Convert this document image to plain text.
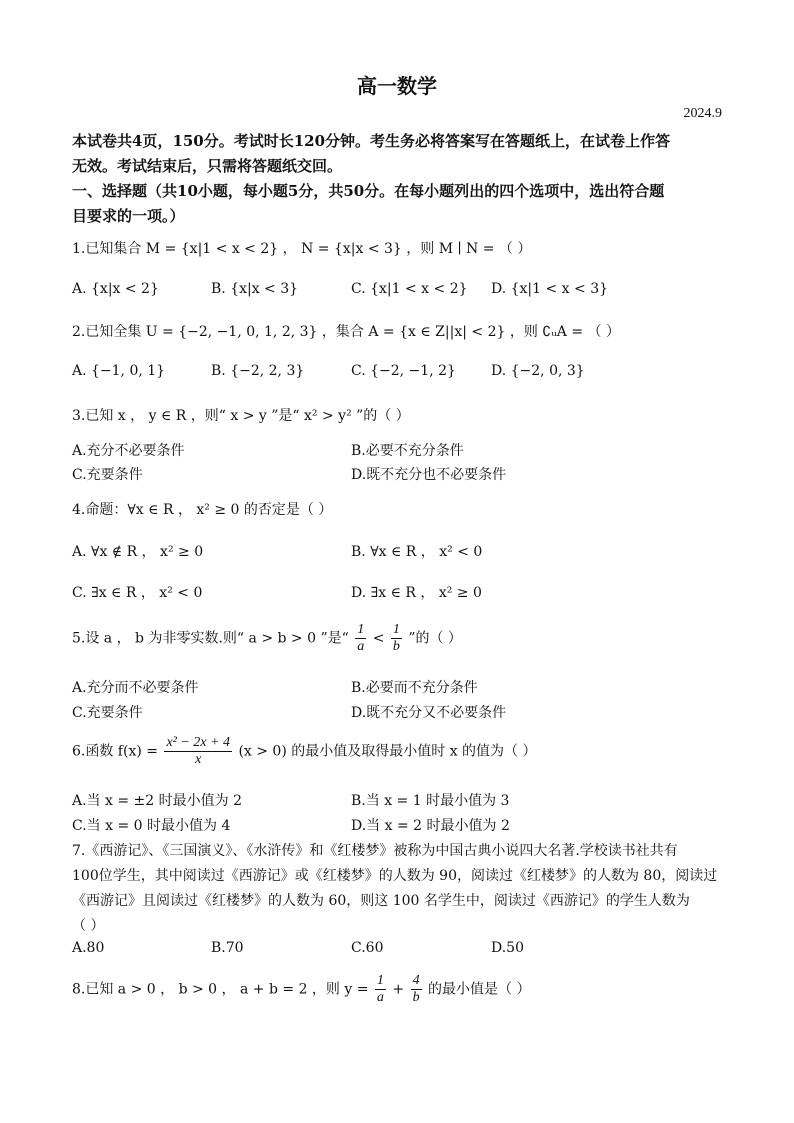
高一数学
2024.9
本试卷共4页，150分。考试时长120分钟。考生务必将答案写在答题纸上，在试卷上作答
无效。考试结束后，只需将答题纸交回。
一、选择题（共10小题，每小题5分，共50分。在每小题列出的四个选项中，选出符合题
目要求的一项。）
1.已知集合 M = {x|1 < x < 2} ， N = {x|x < 3} ，则 M ∣ N = （ ）
A. {x|x < 2}	B. {x|x < 3}	C. {x|1 < x < 2} D. {x|1 < x < 3}
2.已知全集 U = {−2, −1, 0, 1, 2, 3} ，集合 A = {x ∈ Z||x| < 2} ，则 ∁ᵤA = （ ）
A. {−1, 0, 1}	B. {−2, 2, 3}	C. {−2, −1, 2}	D. {−2, 0, 3}
3.已知 x ， y ∈ R ，则“ x > y ”是“ x² > y² ”的（ ）
A.充分不必要条件	B.必要不充分条件
C.充要条件	D.既不充分也不必要条件
4.命题：∀x ∈ R ， x² ≥ 0 的否定是（ ）
A. ∀x ∉ R ， x² ≥ 0	B. ∀x ∈ R ， x² < 0
C. ∃x ∈ R ， x² < 0	D. ∃x ∈ R ， x² ≥ 0
5.设 a ， b 为非零实数.则“ a > b > 0 ”是“ $\frac{1}{a} < \frac{1}{b}$ ”的（ ）
A.充分而不必要条件	B.必要而不充分条件
C.充要条件	D.既不充分又不必要条件
6.函数 $f(x) = \frac{\text{x² − 2x + 4}}{x} (x > 0)$ 的最小值及取得最小值时 x 的值为（ ）
A.当 x = ±2 时最小值为 2	B.当 x = 1 时最小值为 3
C.当 x = 0 时最小值为 4	D.当 x = 2 时最小值为 2
7.《西游记》、《三国演义》、《水浒传》和《红楼梦》被称为中国古典小说四大名著.学校读书社共有
100位学生，其中阅读过《西游记》或《红楼梦》的人数为 90，阅读过《红楼梦》的人数为 80，阅读过
《西游记》且阅读过《红楼梦》的人数为 60，则这 100 名学生中，阅读过《西游记》的学生人数为
（ ）
A.80	B.70	C.60	D.50
8.已知 a > 0 ， b > 0 ， a + b = 2 ，则 $y = \frac{1}{a} + \frac{4}{b}$ 的最小值是（ ）
